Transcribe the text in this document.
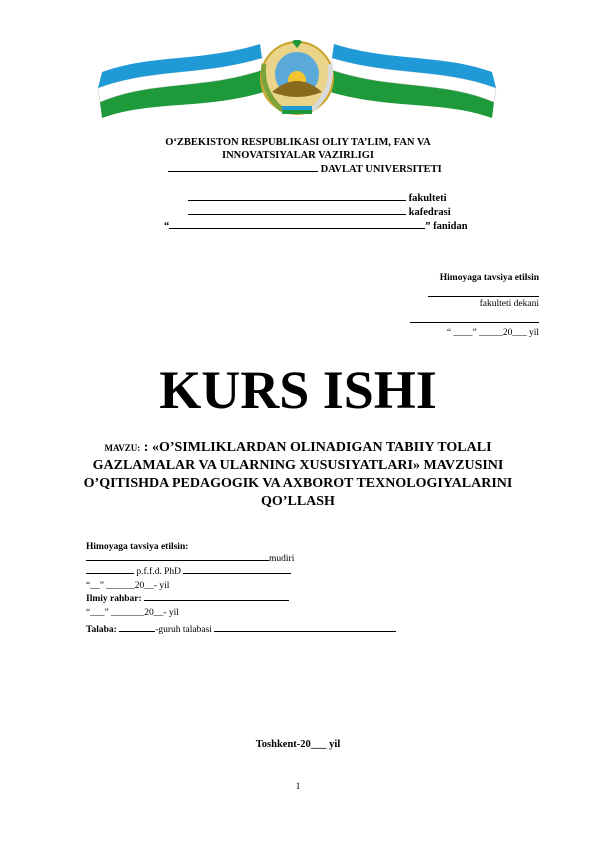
O‘ZBEKISTON RESPUBLIKASI OLIY TA’LIM, FAN VA
INNOVATSIYALAR VAZIRLIGI
DAVLAT UNIVERSITETI
fakulteti
kafedrasi
“	” fanidan
Himoyaga tavsiya etilsin
fakulteti dekani
“ ____” _____20___ yil
KURS ISHI
MAVZU: : «O’SIMLIKLARDAN OLINADIGAN TABIIY TOLALI
GAZLAMALAR VA ULARNING XUSUSIYATLARI» MAVZUSINI
O’QITISHDA PEDAGOGIK VA AXBOROT TEXNOLOGIYALARINI
QO’LLASH
Himoyaga tavsiya etilsin:
mudiri
p.f.f.d. PhD
“__” ______20__- yil
Ilmiy rahbar:
“___” _______20__- yil
Talaba:	-guruh talabasi
Toshkent-20___ yil
1
